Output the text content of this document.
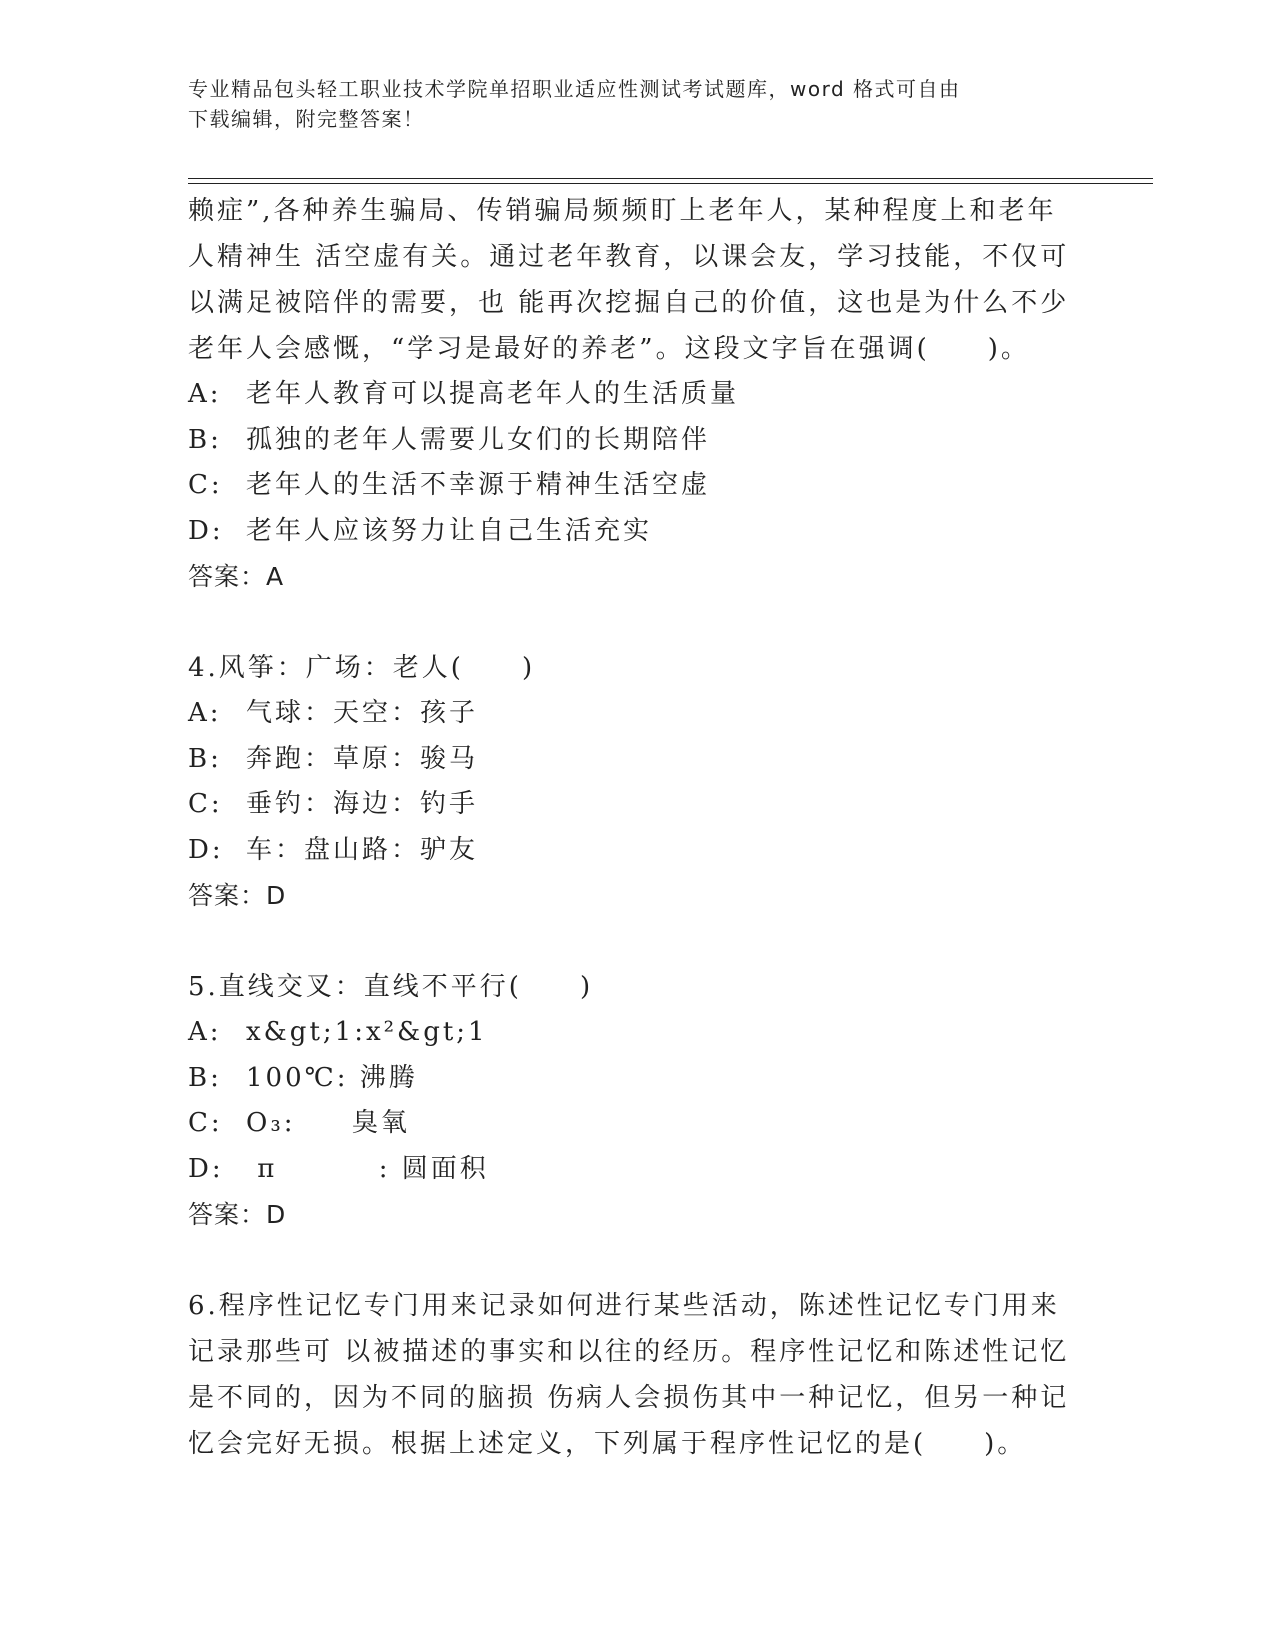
专业精品包头轻工职业技术学院单招职业适应性测试考试题库，word 格式可自由
下载编辑，附完整答案！
赖症”,各种养生骗局、传销骗局频频盯上老年人，某种程度上和老年
人精神生 活空虚有关。通过老年教育，以课会友，学习技能，不仅可
以满足被陪伴的需要，也 能再次挖掘自己的价值，这也是为什么不少
老年人会感慨，“学习是最好的养老”。这段文字旨在强调(　　)。
A: 老年人教育可以提高老年人的生活质量
B: 孤独的老年人需要儿女们的长期陪伴
C: 老年人的生活不幸源于精神生活空虚
D: 老年人应该努力让自己生活充实
答案：A
4.风筝：广场：老人(　　)
A: 气球：天空：孩子
B: 奔跑：草原：骏马
C: 垂钓：海边：钓手
D: 车：盘山路：驴友
答案：D
5.直线交叉：直线不平行(　　)
A: x&gt;1:x²&gt;1
B: 100℃: 沸腾
C: O₃:     臭氧
D: π         : 圆面积
答案：D
6.程序性记忆专门用来记录如何进行某些活动，陈述性记忆专门用来
记录那些可 以被描述的事实和以往的经历。程序性记忆和陈述性记忆
是不同的，因为不同的脑损 伤病人会损伤其中一种记忆，但另一种记
忆会完好无损。根据上述定义，下列属于程序性记忆的是(　　)。
